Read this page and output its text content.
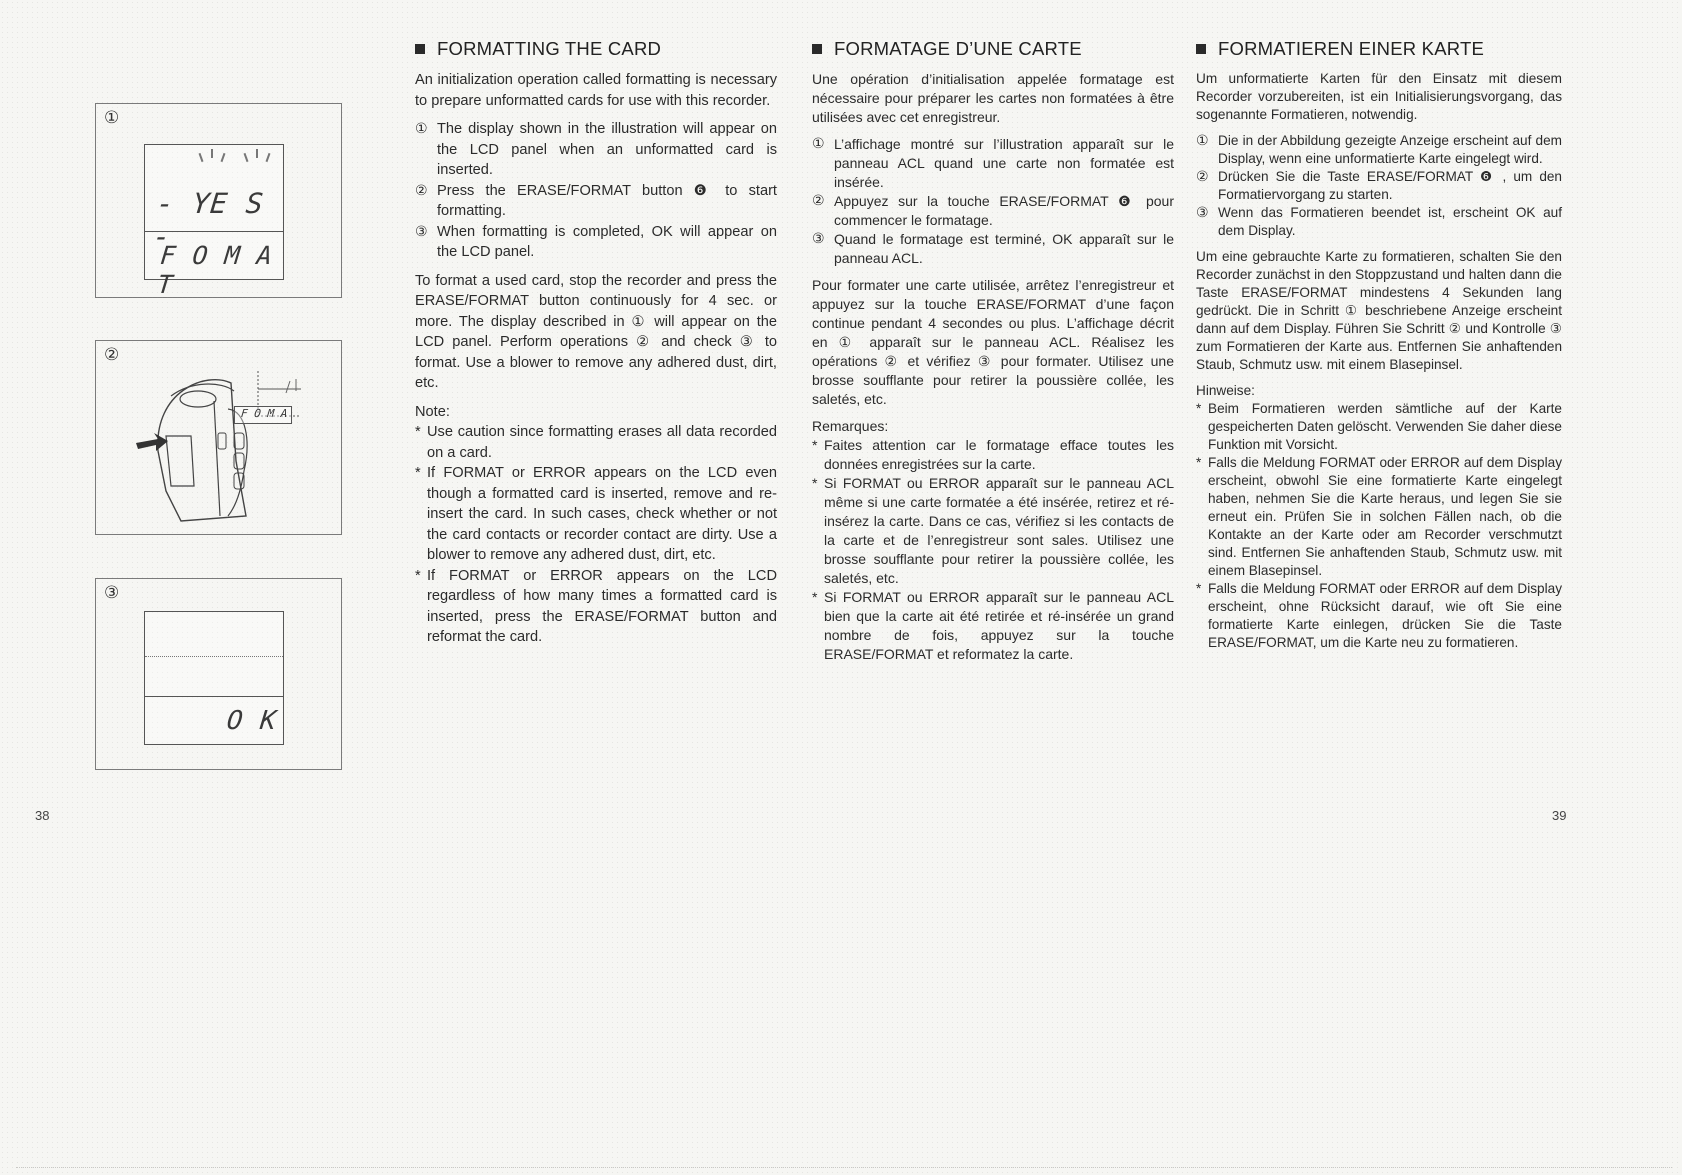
①
- YE S -
F O M A T
②
F O M A
③
O K
FORMATTING THE CARD

An initialization operation called formatting is necessary to prepare unformatted cards for use with this recorder.

① The display shown in the illustration will appear on the LCD panel when an unformatted card is inserted.
② Press the ERASE/FORMAT button ❻ to start formatting.
③ When formatting is completed, OK will appear on the LCD panel.

To format a used card, stop the recorder and press the ERASE/FORMAT button continuously for 4 sec. or more. The display described in ① will appear on the LCD panel. Perform operations ② and check ③ to format. Use a blower to remove any adhered dust, dirt, etc.

Note:

* Use caution since formatting erases all data recorded on a card.
* If FORMAT or ERROR appears on the LCD even though a formatted card is inserted, remove and re-insert the card. In such cases, check whether or not the card contacts or recorder contact are dirty. Use a blower to remove any adhered dust, dirt, etc.
* If FORMAT or ERROR appears on the LCD regardless of how many times a formatted card is inserted, press the ERASE/FORMAT button and reformat the card.
FORMATAGE D’UNE CARTE

Une opération d’initialisation appelée formatage est nécessaire pour préparer les cartes non formatées à être utilisées avec cet enregistreur.

① L’affichage montré sur l’illustration apparaît sur le panneau ACL quand une carte non formatée est insérée.
② Appuyez sur la touche ERASE/FORMAT ❻ pour commencer le formatage.
③ Quand le formatage est terminé, OK apparaît sur le panneau ACL.

Pour formater une carte utilisée, arrêtez l’enregistreur et appuyez sur la touche ERASE/FORMAT d’une façon continue pendant 4 secondes ou plus. L’affichage décrit en ① apparaît sur le panneau ACL. Réalisez les opérations ② et vérifiez ③ pour formater. Utilisez une brosse soufflante pour retirer la poussière collée, les saletés, etc.

Remarques:

* Faites attention car le formatage efface toutes les données enregistrées sur la carte.
* Si FORMAT ou ERROR apparaît sur le panneau ACL même si une carte formatée a été insérée, retirez et ré-insérez la carte. Dans ce cas, vérifiez si les contacts de la carte et de l’enregistreur sont sales. Utilisez une brosse soufflante pour retirer la poussière collée, les saletés, etc.
* Si FORMAT ou ERROR apparaît sur le panneau ACL bien que la carte ait été retirée et ré-insérée un grand nombre de fois, appuyez sur la touche ERASE/FORMAT et reformatez la carte.
FORMATIEREN EINER KARTE

Um unformatierte Karten für den Einsatz mit diesem Recorder vorzubereiten, ist ein Initialisierungsvorgang, das sogenannte Formatieren, notwendig.

① Die in der Abbildung gezeigte Anzeige erscheint auf dem Display, wenn eine unformatierte Karte eingelegt wird.
② Drücken Sie die Taste ERASE/FORMAT ❻ , um den Formatiervorgang zu starten.
③ Wenn das Formatieren beendet ist, erscheint OK auf dem Display.

Um eine gebrauchte Karte zu formatieren, schalten Sie den Recorder zunächst in den Stoppzustand und halten dann die Taste ERASE/FORMAT mindestens 4 Sekunden lang gedrückt. Die in Schritt ① beschriebene Anzeige erscheint dann auf dem Display. Führen Sie Schritt ② und Kontrolle ③ zum Formatieren der Karte aus. Entfernen Sie anhaftenden Staub, Schmutz usw. mit einem Blasepinsel.

Hinweise:

* Beim Formatieren werden sämtliche auf der Karte gespeicherten Daten gelöscht. Verwenden Sie daher diese Funktion mit Vorsicht.
* Falls die Meldung FORMAT oder ERROR auf dem Display erscheint, obwohl Sie eine formatierte Karte eingelegt haben, nehmen Sie die Karte heraus, und legen Sie sie erneut ein. Prüfen Sie in solchen Fällen nach, ob die Kontakte an der Karte oder am Recorder verschmutzt sind. Entfernen Sie anhaftenden Staub, Schmutz usw. mit einem Blasepinsel.
* Falls die Meldung FORMAT oder ERROR auf dem Display erscheint, ohne Rücksicht darauf, wie oft Sie eine formatierte Karte einlegen, drücken Sie die Taste ERASE/FORMAT, um die Karte neu zu formatieren.
38	39
